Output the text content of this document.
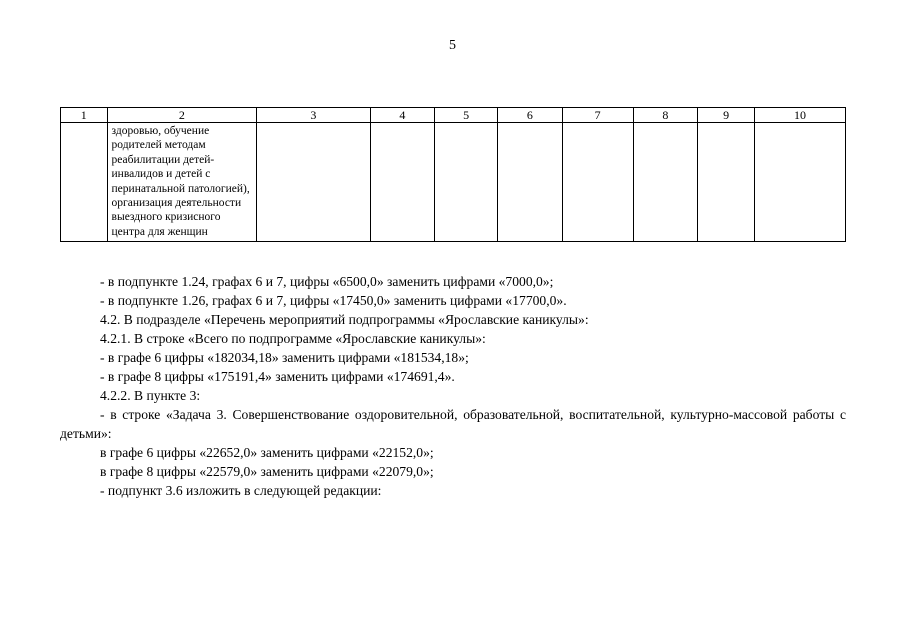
5
1	2	3	4	5	6	7	8	9	10
	здоровью, обучение родителей методам реабилитации детей-инвалидов и детей с перинатальной патологией), организация деятельности выездного кризисного центра для женщин								

- в подпункте 1.24, графах 6 и 7, цифры «6500,0» заменить цифрами «7000,0»;

- в подпункте 1.26, графах 6 и 7, цифры «17450,0» заменить цифрами «17700,0».

4.2. В подразделе «Перечень мероприятий подпрограммы «Ярославские каникулы»:

4.2.1. В строке «Всего по подпрограмме «Ярославские каникулы»:

- в графе 6 цифры «182034,18» заменить цифрами «181534,18»;

- в графе 8 цифры «175191,4» заменить цифрами «174691,4».

4.2.2. В пункте 3:

- в строке «Задача 3. Совершенствование оздоровительной, образовательной, воспитательной, культурно-массовой работы с детьми»:

в графе 6 цифры «22652,0» заменить цифрами «22152,0»;

в графе 8 цифры «22579,0» заменить цифрами «22079,0»;

- подпункт 3.6 изложить в следующей редакции:
